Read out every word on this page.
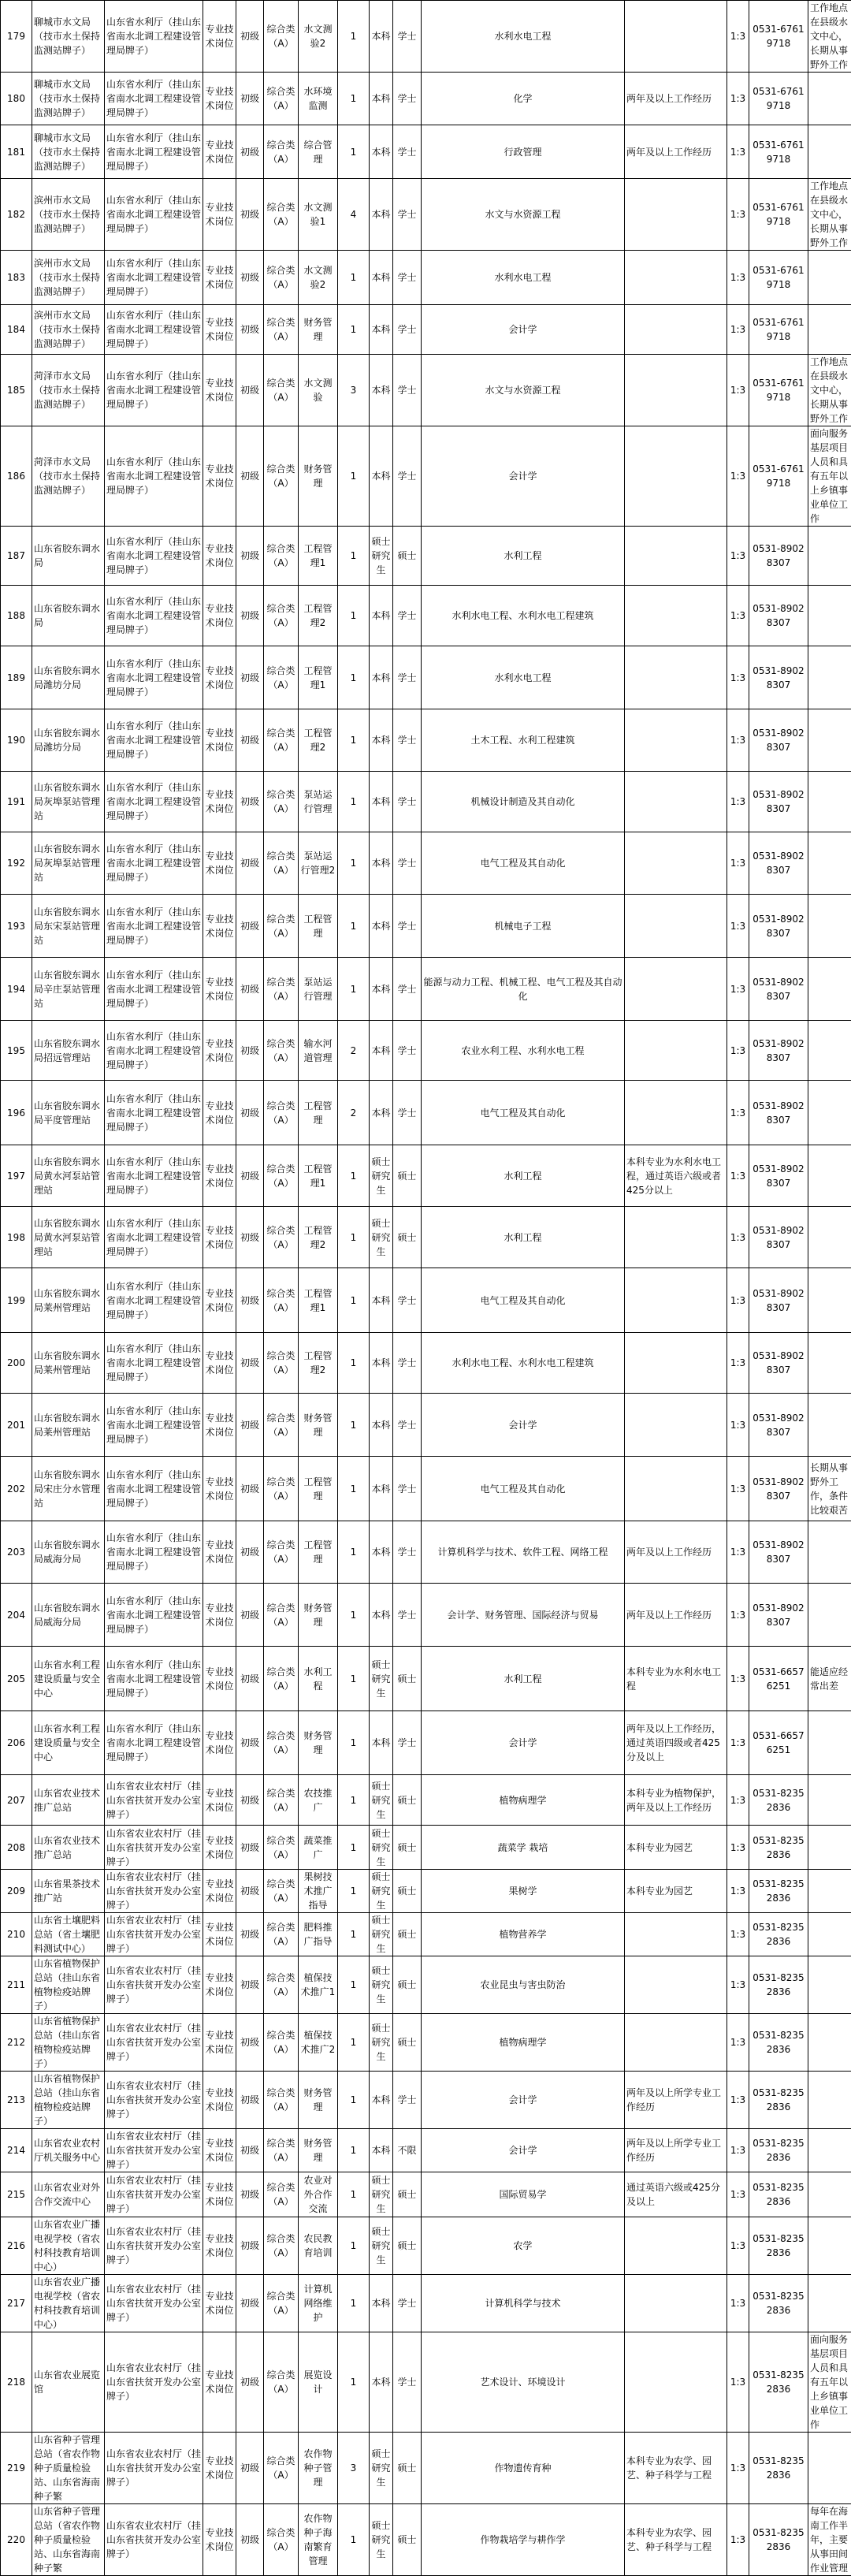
179	聊城市水文局（技市水土保持监测站牌子）	山东省水利厅（挂山东省南水北调工程建设管理局牌子）	专业技术岗位	初级	综合类（A）	水文测验2	1	本科	学士	水利水电工程		1:3	0531-67619718	工作地点在县级水文中心，长期从事野外工作
180	聊城市水文局（技市水土保持监测站牌子）	山东省水利厅（挂山东省南水北调工程建设管理局牌子）	专业技术岗位	初级	综合类（A）	水环境监测	1	本科	学士	化学	两年及以上工作经历	1:3	0531-67619718	
181	聊城市水文局（技市水土保持监测站牌子）	山东省水利厅（挂山东省南水北调工程建设管理局牌子）	专业技术岗位	初级	综合类（A）	综合管理	1	本科	学士	行政管理	两年及以上工作经历	1:3	0531-67619718	
182	滨州市水文局（技市水土保持监测站牌子）	山东省水利厅（挂山东省南水北调工程建设管理局牌子）	专业技术岗位	初级	综合类（A）	水文测验1	4	本科	学士	水文与水资源工程		1:3	0531-67619718	工作地点在县级水文中心，长期从事野外工作
183	滨州市水文局（技市水土保持监测站牌子）	山东省水利厅（挂山东省南水北调工程建设管理局牌子）	专业技术岗位	初级	综合类（A）	水文测验2	1	本科	学士	水利水电工程		1:3	0531-67619718	
184	滨州市水文局（技市水土保持监测站牌子）	山东省水利厅（挂山东省南水北调工程建设管理局牌子）	专业技术岗位	初级	综合类（A）	财务管理	1	本科	学士	会计学		1:3	0531-67619718	
185	菏泽市水文局（技市水土保持监测站牌子）	山东省水利厅（挂山东省南水北调工程建设管理局牌子）	专业技术岗位	初级	综合类（A）	水文测验	3	本科	学士	水文与水资源工程		1:3	0531-67619718	工作地点在县级水文中心，长期从事野外工作
186	菏泽市水文局（技市水土保持监测站牌子）	山东省水利厅（挂山东省南水北调工程建设管理局牌子）	专业技术岗位	初级	综合类（A）	财务管理	1	本科	学士	会计学		1:3	0531-67619718	面向服务基层项目人员和具有五年以上乡镇事业单位工作
187	山东省胶东调水局	山东省水利厅（挂山东省南水北调工程建设管理局牌子）	专业技术岗位	初级	综合类（A）	工程管理1	1	硕士研究生	硕士	水利工程		1:3	0531-89028307	
188	山东省胶东调水局	山东省水利厅（挂山东省南水北调工程建设管理局牌子）	专业技术岗位	初级	综合类（A）	工程管理2	1	本科	学士	水利水电工程、水利水电工程建筑		1:3	0531-89028307	
189	山东省胶东调水局潍坊分局	山东省水利厅（挂山东省南水北调工程建设管理局牌子）	专业技术岗位	初级	综合类（A）	工程管理1	1	本科	学士	水利水电工程		1:3	0531-89028307	
190	山东省胶东调水局潍坊分局	山东省水利厅（挂山东省南水北调工程建设管理局牌子）	专业技术岗位	初级	综合类（A）	工程管理2	1	本科	学士	土木工程、水利工程建筑		1:3	0531-89028307	
191	山东省胶东调水局灰埠泵站管理站	山东省水利厅（挂山东省南水北调工程建设管理局牌子）	专业技术岗位	初级	综合类（A）	泵站运行管理	1	本科	学士	机械设计制造及其自动化		1:3	0531-89028307	
192	山东省胶东调水局灰埠泵站管理站	山东省水利厅（挂山东省南水北调工程建设管理局牌子）	专业技术岗位	初级	综合类（A）	泵站运行管理2	1	本科	学士	电气工程及其自动化		1:3	0531-89028307	
193	山东省胶东调水局东宋泵站管理站	山东省水利厅（挂山东省南水北调工程建设管理局牌子）	专业技术岗位	初级	综合类（A）	工程管理	1	本科	学士	机械电子工程		1:3	0531-89028307	
194	山东省胶东调水局辛庄泵站管理站	山东省水利厅（挂山东省南水北调工程建设管理局牌子）	专业技术岗位	初级	综合类（A）	泵站运行管理	1	本科	学士	能源与动力工程、机械工程、电气工程及其自动化		1:3	0531-89028307	
195	山东省胶东调水局招远管理站	山东省水利厅（挂山东省南水北调工程建设管理局牌子）	专业技术岗位	初级	综合类（A）	输水河道管理	2	本科	学士	农业水利工程、水利水电工程		1:3	0531-89028307	
196	山东省胶东调水局平度管理站	山东省水利厅（挂山东省南水北调工程建设管理局牌子）	专业技术岗位	初级	综合类（A）	工程管理	2	本科	学士	电气工程及其自动化		1:3	0531-89028307	
197	山东省胶东调水局黄水河泵站管理站	山东省水利厅（挂山东省南水北调工程建设管理局牌子）	专业技术岗位	初级	综合类（A）	工程管理1	1	硕士研究生	硕士	水利工程	本科专业为水利水电工程，通过英语六级或者425分以上	1:3	0531-89028307	
198	山东省胶东调水局黄水河泵站管理站	山东省水利厅（挂山东省南水北调工程建设管理局牌子）	专业技术岗位	初级	综合类（A）	工程管理2	1	硕士研究生	硕士	水利工程		1:3	0531-89028307	
199	山东省胶东调水局莱州管理站	山东省水利厅（挂山东省南水北调工程建设管理局牌子）	专业技术岗位	初级	综合类（A）	工程管理1	1	本科	学士	电气工程及其自动化		1:3	0531-89028307	
200	山东省胶东调水局莱州管理站	山东省水利厅（挂山东省南水北调工程建设管理局牌子）	专业技术岗位	初级	综合类（A）	工程管理2	1	本科	学士	水利水电工程、水利水电工程建筑		1:3	0531-89028307	
201	山东省胶东调水局莱州管理站	山东省水利厅（挂山东省南水北调工程建设管理局牌子）	专业技术岗位	初级	综合类（A）	财务管理	1	本科	学士	会计学		1:3	0531-89028307	
202	山东省胶东调水局宋庄分水管理站	山东省水利厅（挂山东省南水北调工程建设管理局牌子）	专业技术岗位	初级	综合类（A）	工程管理	1	本科	学士	电气工程及其自动化		1:3	0531-89028307	长期从事野外工作，条件比较艰苦
203	山东省胶东调水局威海分局	山东省水利厅（挂山东省南水北调工程建设管理局牌子）	专业技术岗位	初级	综合类（A）	工程管理	1	本科	学士	计算机科学与技术、软件工程、网络工程	两年及以上工作经历	1:3	0531-89028307	
204	山东省胶东调水局威海分局	山东省水利厅（挂山东省南水北调工程建设管理局牌子）	专业技术岗位	初级	综合类（A）	财务管理	1	本科	学士	会计学、财务管理、国际经济与贸易	两年及以上工作经历	1:3	0531-89028307	
205	山东省水利工程建设质量与安全中心	山东省水利厅（挂山东省南水北调工程建设管理局牌子）	专业技术岗位	初级	综合类（A）	水利工程	1	硕士研究生	硕士	水利工程	本科专业为水利水电工程	1:3	0531-66576251	能适应经常出差
206	山东省水利工程建设质量与安全中心	山东省水利厅（挂山东省南水北调工程建设管理局牌子）	专业技术岗位	初级	综合类（A）	财务管理	1	本科	学士	会计学	两年及以上工作经历，通过英语四级或者425分及以上	1:3	0531-66576251	
207	山东省农业技术推广总站	山东省农业农村厅（挂山东省扶贫开发办公室牌子）	专业技术岗位	初级	综合类（A）	农技推广	1	硕士研究生	硕士	植物病理学	本科专业为植物保护，两年及以上工作经历	1:3	0531-82352836	
208	山东省农业技术推广总站	山东省农业农村厅（挂山东省扶贫开发办公室牌子）	专业技术岗位	初级	综合类（A）	蔬菜推广	1	硕士研究生	硕士	蔬菜学 栽培	本科专业为园艺	1:3	0531-82352836	
209	山东省果茶技术推广站	山东省农业农村厅（挂山东省扶贫开发办公室牌子）	专业技术岗位	初级	综合类（A）	果树技术推广指导	1	硕士研究生	硕士	果树学	本科专业为园艺	1:3	0531-82352836	
210	山东省土壤肥料总站（省土壤肥料测试中心）	山东省农业农村厅（挂山东省扶贫开发办公室牌子）	专业技术岗位	初级	综合类（A）	肥料推广指导	1	硕士研究生	硕士	植物营养学		1:3	0531-82352836	
211	山东省植物保护总站（挂山东省植物检疫站牌子）	山东省农业农村厅（挂山东省扶贫开发办公室牌子）	专业技术岗位	初级	综合类（A）	植保技术推广1	1	硕士研究生	硕士	农业昆虫与害虫防治		1:3	0531-82352836	
212	山东省植物保护总站（挂山东省植物检疫站牌子）	山东省农业农村厅（挂山东省扶贫开发办公室牌子）	专业技术岗位	初级	综合类（A）	植保技术推广2	1	硕士研究生	硕士	植物病理学		1:3	0531-82352836	
213	山东省植物保护总站（挂山东省植物检疫站牌子）	山东省农业农村厅（挂山东省扶贫开发办公室牌子）	专业技术岗位	初级	综合类（A）	财务管理	1	本科	学士	会计学	两年及以上所学专业工作经历	1:3	0531-82352836	
214	山东省农业农村厅机关服务中心	山东省农业农村厅（挂山东省扶贫开发办公室牌子）	专业技术岗位	初级	综合类（A）	财务管理	1	本科	不限	会计学	两年及以上所学专业工作经历	1:3	0531-82352836	
215	山东省农业对外合作交流中心	山东省农业农村厅（挂山东省扶贫开发办公室牌子）	专业技术岗位	初级	综合类（A）	农业对外合作交流	1	硕士研究生	硕士	国际贸易学	通过英语六级或425分及以上	1:3	0531-82352836	
216	山东省农业广播电视学校（省农村科技教育培训中心）	山东省农业农村厅（挂山东省扶贫开发办公室牌子）	专业技术岗位	初级	综合类（A）	农民教育培训	1	硕士研究生	硕士	农学		1:3	0531-82352836	
217	山东省农业广播电视学校（省农村科技教育培训中心）	山东省农业农村厅（挂山东省扶贫开发办公室牌子）	专业技术岗位	初级	综合类（A）	计算机网络维护	1	本科	学士	计算机科学与技术		1:3	0531-82352836	
218	山东省农业展览馆	山东省农业农村厅（挂山东省扶贫开发办公室牌子）	专业技术岗位	初级	综合类（A）	展览设计	1	本科	学士	艺术设计、环境设计		1:3	0531-82352836	面向服务基层项目人员和具有五年以上乡镇事业单位工作
219	山东省种子管理总站（省农作物种子质量检验站、山东省海南种子繁	山东省农业农村厅（挂山东省扶贫开发办公室牌子）	专业技术岗位	初级	综合类（A）	农作物种子管理	3	硕士研究生	硕士	作物遗传育种	本科专业为农学、园艺、种子科学与工程	1:3	0531-82352836	
220	山东省种子管理总站（省农作物种子质量检验站、山东省海南种子繁	山东省农业农村厅（挂山东省扶贫开发办公室牌子）	专业技术岗位	初级	综合类（A）	农作物种子海南繁育管理	1	硕士研究生	硕士	作物栽培学与耕作学	本科专业为农学、园艺、种子科学与工程	1:3	0531-82352836	每年在海南工作半年，主要从事田间作业管理
